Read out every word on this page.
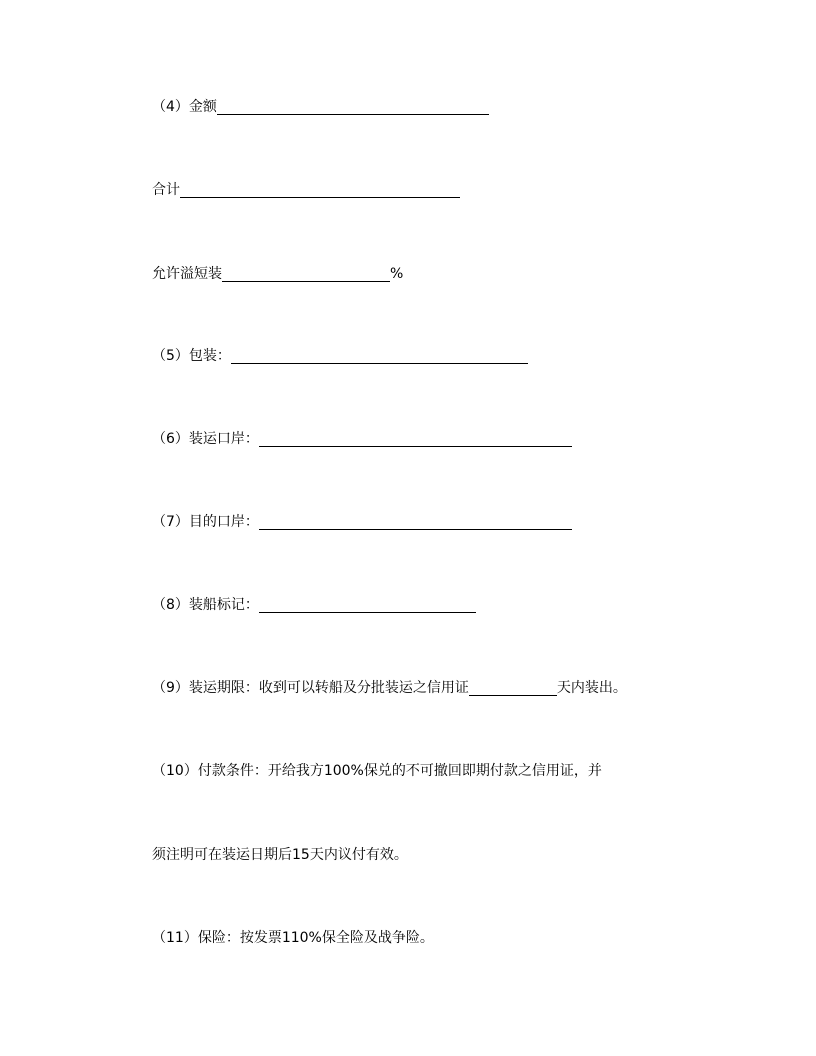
（4）金额
合计
允许溢短装	%
（5）包装：
（6）装运口岸：
（7）目的口岸：
（8）装船标记：
（9）装运期限：收到可以转船及分批装运之信用证	天内装出。
（10）付款条件：开给我方100%保兑的不可撤回即期付款之信用证，并
须注明可在装运日期后15天内议付有效。
（11）保险：按发票110%保全险及战争险。
